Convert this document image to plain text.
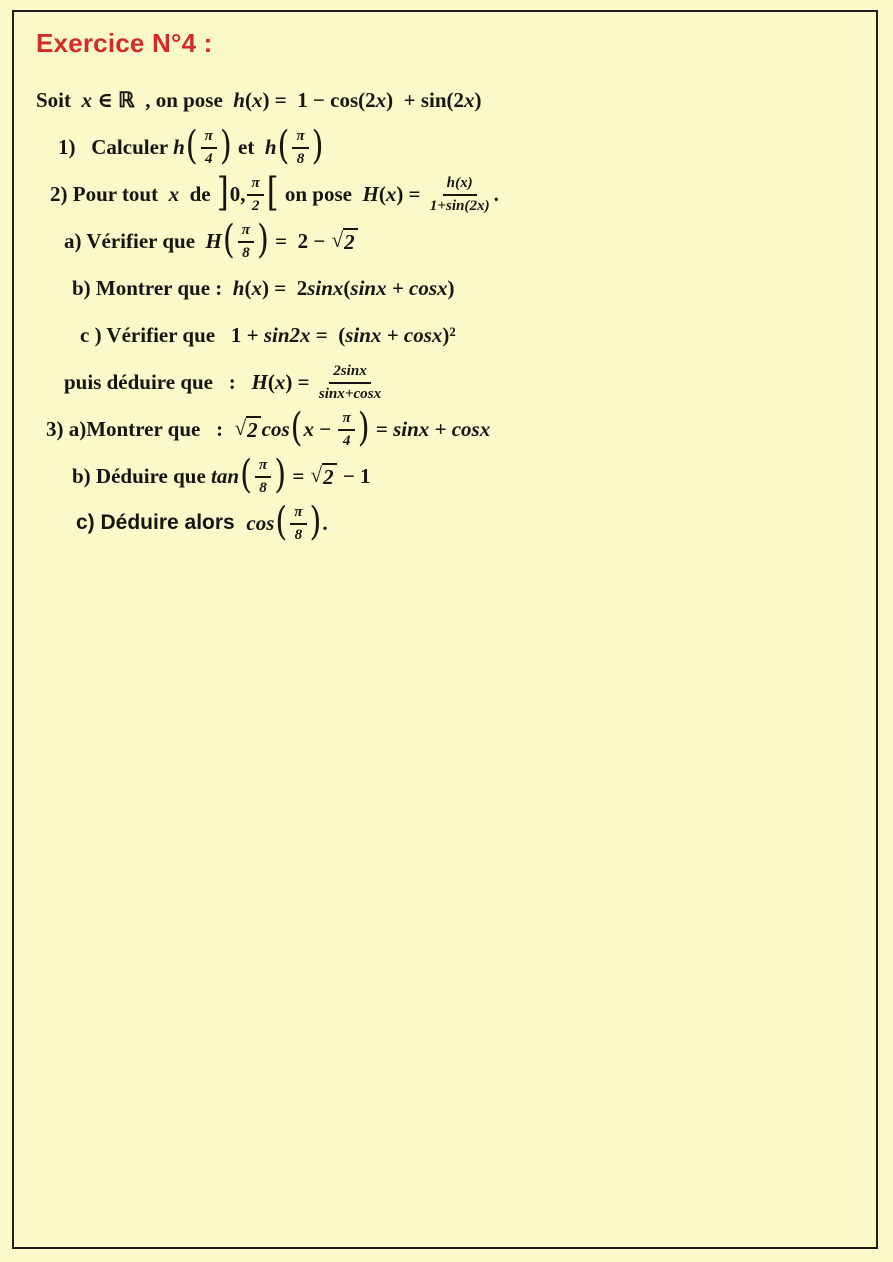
Exercice N°4 :
Soit x ∈ ℝ  , on pose h ( x ) =  1 − cos(2 x )  + sin(2 x )
1)   Calculer h ( $\frac{\pi}{4}$ ) et h ( $\frac{\pi}{8}$ )
2) Pour tout x de ] 0, $\frac{\pi}{2}$ [ on pose H ( x ) = $\frac{h(x)}{1+\sin(2x)}$ .
a) Vérifier que H ( $\frac{\pi}{8}$ ) =  2 − √ 2
b) Montrer que : h ( x ) =  2 sinx ( sinx + cosx )
c ) Vérifier que   1 + sin2x =  ( sinx + cosx )²
puis déduire que   : H ( x ) = $\frac{2\sin x}{\sin x+\cos x}$
3) a)Montrer que   : √ 2 cos ( $x - \frac{\pi}{4}$ ) = sinx + cosx
b) Déduire que tan ( $\frac{\pi}{8}$ ) = √ 2 − 1
c) Déduire alors cos ( $\frac{\pi}{8}$ ) .
